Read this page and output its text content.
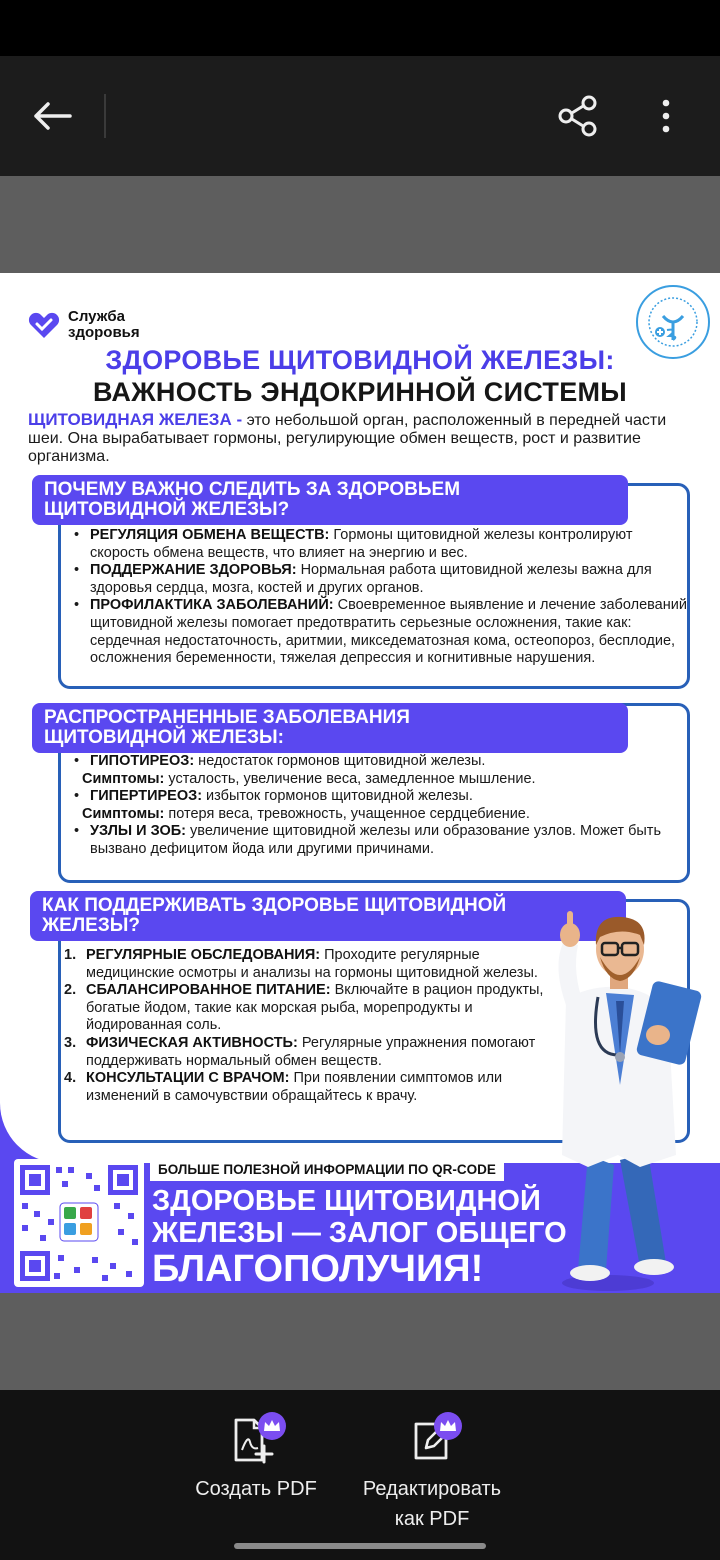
Служба
здоровья
ЗДОРОВЬЕ ЩИТОВИДНОЙ ЖЕЛЕЗЫ:
ВАЖНОСТЬ ЭНДОКРИННОЙ СИСТЕМЫ
ЩИТОВИДНАЯ ЖЕЛЕЗА - это небольшой орган, расположенный в передней части шеи. Она вырабатывает гормоны, регулирующие обмен веществ, рост и развитие организма.
ПОЧЕМУ ВАЖНО СЛЕДИТЬ ЗА ЗДОРОВЬЕМ
ЩИТОВИДНОЙ ЖЕЛЕЗЫ?
• РЕГУЛЯЦИЯ ОБМЕНА ВЕЩЕСТВ: Гормоны щитовидной железы контролируют скорость обмена веществ, что влияет на энергию и вес.
• ПОДДЕРЖАНИЕ ЗДОРОВЬЯ: Нормальная работа щитовидной железы важна для здоровья сердца, мозга, костей и других органов.
• ПРОФИЛАКТИКА ЗАБОЛЕВАНИЙ: Своевременное выявление и лечение заболеваний щитовидной железы помогает предотвратить серьезные осложнения, такие как: сердечная недостаточность, аритмии, микседематозная кома, остеопороз, бесплодие, осложнения беременности, тяжелая депрессия и когнитивные нарушения.
РАСПРОСТРАНЕННЫЕ ЗАБОЛЕВАНИЯ
ЩИТОВИДНОЙ ЖЕЛЕЗЫ:
• ГИПОТИРЕОЗ: недостаток гормонов щитовидной железы.
Симптомы: усталость, увеличение веса, замедленное мышление.
• ГИПЕРТИРЕОЗ: избыток гормонов щитовидной железы.
Симптомы: потеря веса, тревожность, учащенное сердцебиение.
• УЗЛЫ И ЗОБ: увеличение щитовидной железы или образование узлов. Может быть вызвано дефицитом йода или другими причинами.
КАК ПОДДЕРЖИВАТЬ ЗДОРОВЬЕ ЩИТОВИДНОЙ
ЖЕЛЕЗЫ?
1. РЕГУЛЯРНЫЕ ОБСЛЕДОВАНИЯ: Проходите регулярные медицинские осмотры и анализы на гормоны щитовидной железы.
2. СБАЛАНСИРОВАННОЕ ПИТАНИЕ: Включайте в рацион продукты, богатые йодом, такие как морская рыба, морепродукты и йодированная соль.
3. ФИЗИЧЕСКАЯ АКТИВНОСТЬ: Регулярные упражнения помогают поддерживать нормальный обмен веществ.
4. КОНСУЛЬТАЦИИ С ВРАЧОМ: При появлении симптомов или изменений в самочувствии обращайтесь к врачу.
БОЛЬШЕ ПОЛЕЗНОЙ ИНФОРМАЦИИ ПО QR-CODE
ЗДОРОВЬЕ ЩИТОВИДНОЙ
ЖЕЛЕЗЫ — ЗАЛОГ ОБЩЕГО
БЛАГОПОЛУЧИЯ!
Создать PDF Редактировать
как PDF
